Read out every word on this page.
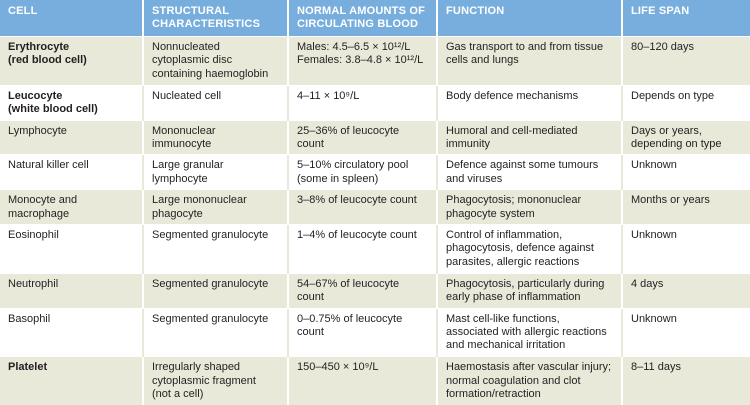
CELL	STRUCTURAL
CHARACTERISTICS	NORMAL AMOUNTS OF
CIRCULATING BLOOD	FUNCTION	LIFE SPAN

Erythrocyte
(red blood cell)	Nonnucleated
cytoplasmic disc
containing haemoglobin	Males: 4.5–6.5 × 10¹²/L
Females: 3.8–4.8 × 10¹²/L	Gas transport to and from tissue
cells and lungs	80–120 days

Leucocyte
(white blood cell)	Nucleated cell	4–11 × 10⁹/L	Body defence mechanisms	Depends on type

Lymphocyte	Mononuclear
immunocyte	25–36% of leucocyte
count	Humoral and cell-mediated
immunity	Days or years,
depending on type

Natural killer cell	Large granular
lymphocyte	5–10% circulatory pool
(some in spleen)	Defence against some tumours
and viruses	Unknown

Monocyte and
macrophage	Large mononuclear
phagocyte	3–8% of leucocyte count	Phagocytosis; mononuclear
phagocyte system	Months or years

Eosinophil	Segmented granulocyte	1–4% of leucocyte count	Control of inflammation,
phagocytosis, defence against
parasites, allergic reactions	Unknown

Neutrophil	Segmented granulocyte	54–67% of leucocyte
count	Phagocytosis, particularly during
early phase of inflammation	4 days

Basophil	Segmented granulocyte	0–0.75% of leucocyte
count	Mast cell-like functions,
associated with allergic reactions
and mechanical irritation	Unknown

Platelet	Irregularly shaped
cytoplasmic fragment
(not a cell)	150–450 × 10⁹/L	Haemostasis after vascular injury;
normal coagulation and clot
formation/retraction	8–11 days
